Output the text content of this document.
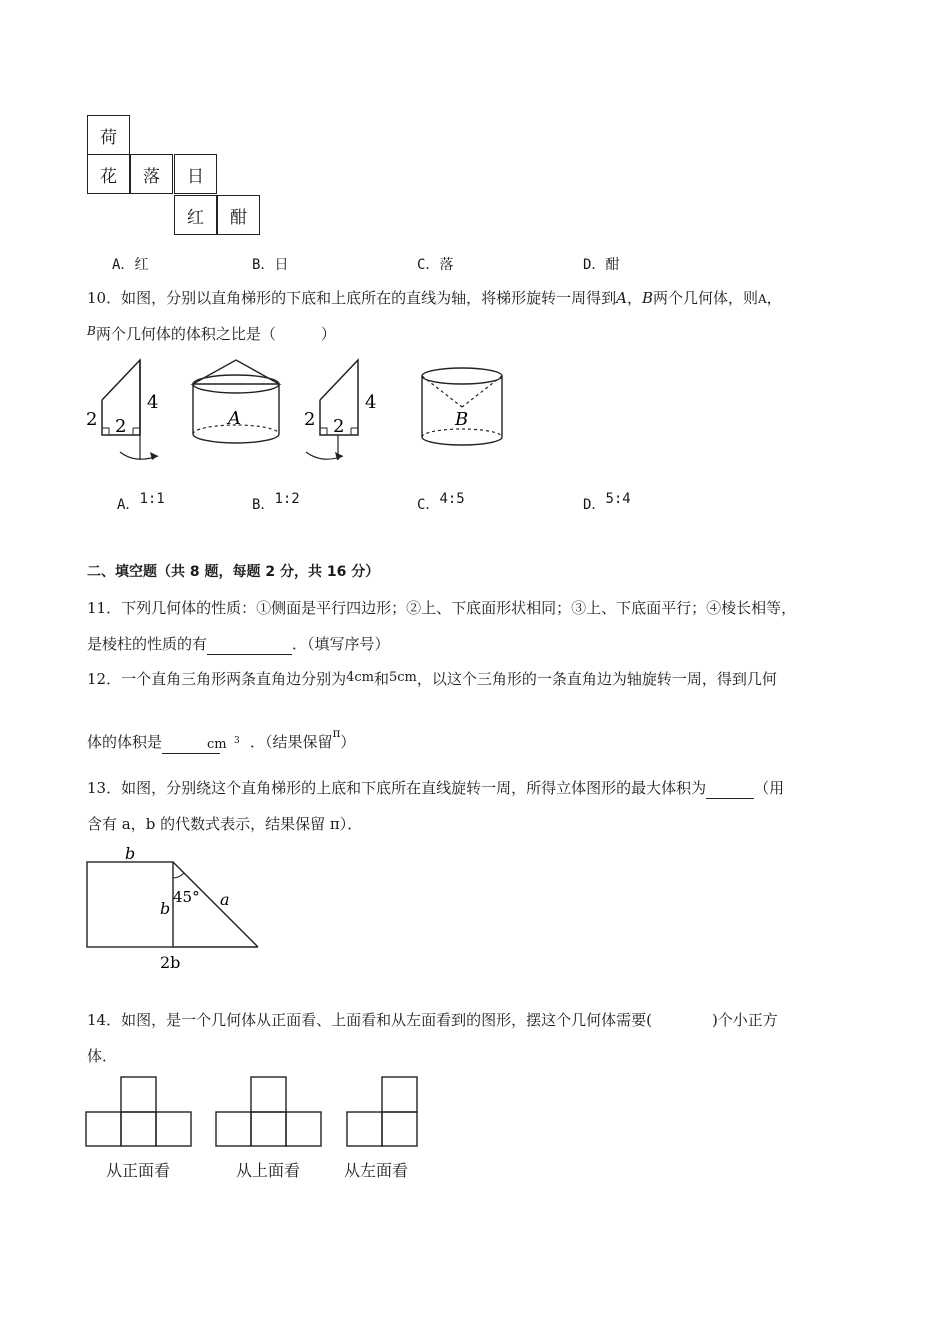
荷
花	落	日
红	酣
A．红	B．日	C．落	D．酣
10．如图，分别以直角梯形的下底和上底所在的直线为轴，将梯形旋转一周得到A，B两个几何体，则A，
$^B$两个几何体的体积之比是（　　　）
2 2
4
A	2 2
4
B
A．1:1	B．1:2	C．4:5	D．5:4
二、填空题（共 8 题，每题 2 分，共 16 分）
11．下列几何体的性质：①侧面是平行四边形；②上、下底面形状相同；③上、下底面平行；④棱长相等，
是棱柱的性质的有	．（填写序号）
12．一个直角三角形两条直角边分别为4cm和5cm，以这个三角形的一条直角边为轴旋转一周，得到几何
体的体积是	cm 3 ．（结果保留π）
13．如图，分别绕这个直角梯形的上底和下底所在直线旋转一周，所得立体图形的最大体积为	（用
含有 a，b 的代数式表示，结果保留 π）．
b
b
45° a
2b
14．如图，是一个几何体从正面看、上面看和从左面看到的图形，摆这个几何体需要(　　　　)个小正方
体．
从正面看	从上面看	从左面看
